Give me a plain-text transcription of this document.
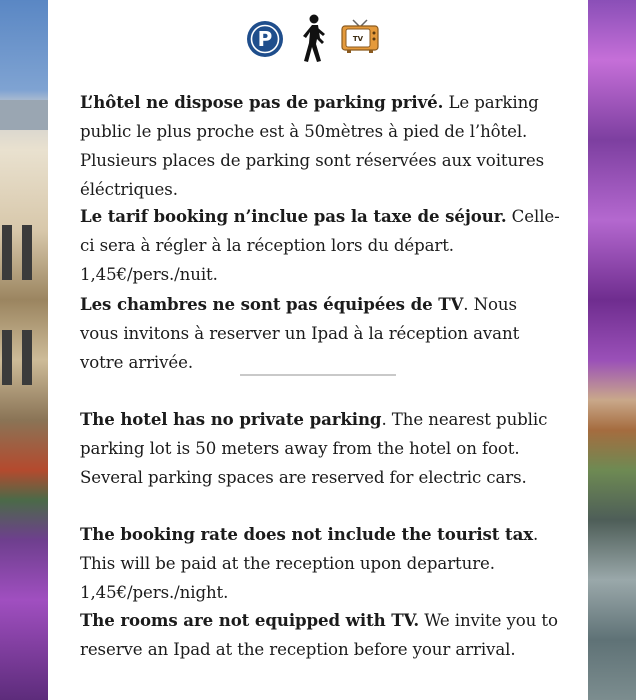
P	TV

L’hôtel ne dispose pas de parking privé. Le parking public le plus proche est à 50mètres à pied de l’hôtel. Plusieurs places de parking sont réservées aux voitures éléctriques.

Le tarif booking n’inclue pas la taxe de séjour. Celle-ci sera à régler à la réception lors du départ. 1,45€/pers./nuit.

Les chambres ne sont pas équipées de TV. Nous vous invitons à reserver un Ipad à la réception avant votre arrivée.

The hotel has no private parking. The nearest public parking lot is 50 meters away from the hotel on foot. Several parking spaces are reserved for electric cars.

The booking rate does not include the tourist tax. This will be paid at the reception upon departure. 1,45€/pers./night.

The rooms are not equipped with TV. We invite you to reserve an Ipad at the reception before your arrival.
